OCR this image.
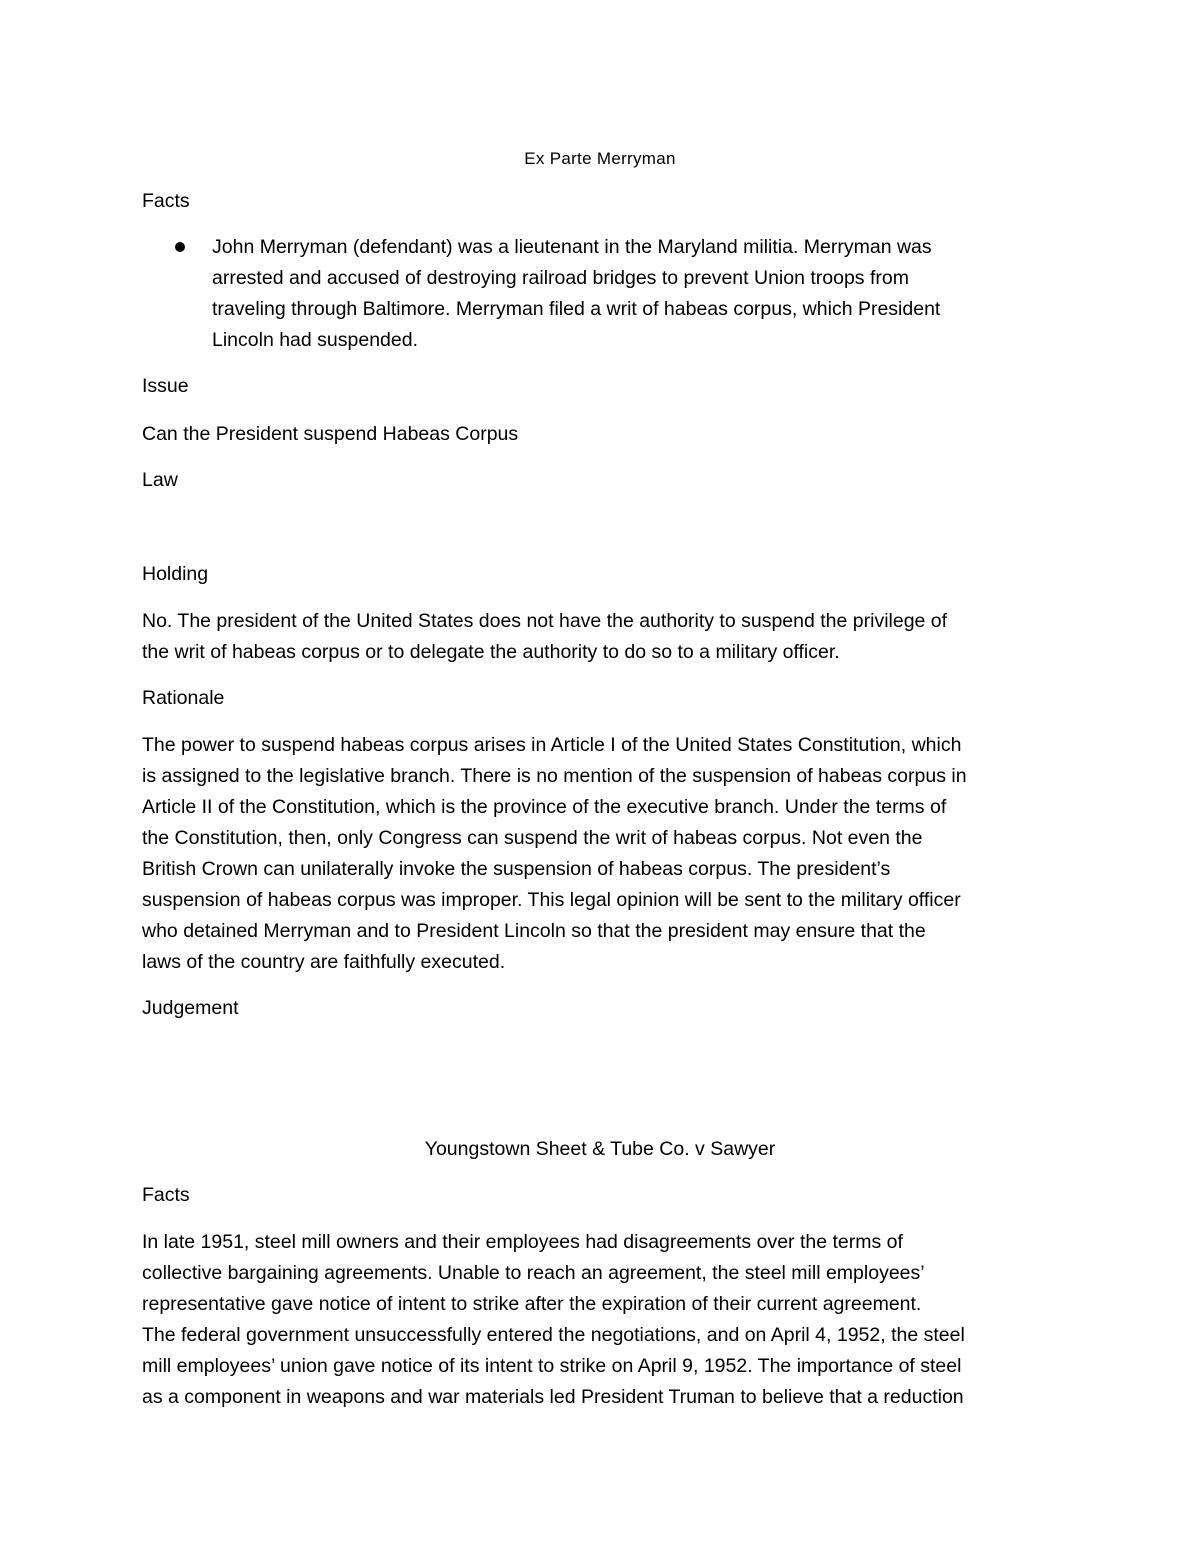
Ex Parte Merryman

Facts

John Merryman (defendant) was a lieutenant in the Maryland militia. Merryman was

arrested and accused of destroying railroad bridges to prevent Union troops from

traveling through Baltimore. Merryman filed a writ of habeas corpus, which President

Lincoln had suspended.

Issue

Can the President suspend Habeas Corpus

Law

Holding

No. The president of the United States does not have the authority to suspend the privilege of

the writ of habeas corpus or to delegate the authority to do so to a military officer.

Rationale

The power to suspend habeas corpus arises in Article I of the United States Constitution, which

is assigned to the legislative branch. There is no mention of the suspension of habeas corpus in

Article II of the Constitution, which is the province of the executive branch. Under the terms of

the Constitution, then, only Congress can suspend the writ of habeas corpus. Not even the

British Crown can unilaterally invoke the suspension of habeas corpus. The president’s

suspension of habeas corpus was improper. This legal opinion will be sent to the military officer

who detained Merryman and to President Lincoln so that the president may ensure that the

laws of the country are faithfully executed.

Judgement

Youngstown Sheet & Tube Co. v Sawyer

Facts

In late 1951, steel mill owners and their employees had disagreements over the terms of

collective bargaining agreements. Unable to reach an agreement, the steel mill employees’

representative gave notice of intent to strike after the expiration of their current agreement.

The federal government unsuccessfully entered the negotiations, and on April 4, 1952, the steel

mill employees’ union gave notice of its intent to strike on April 9, 1952. The importance of steel

as a component in weapons and war materials led President Truman to believe that a reduction
